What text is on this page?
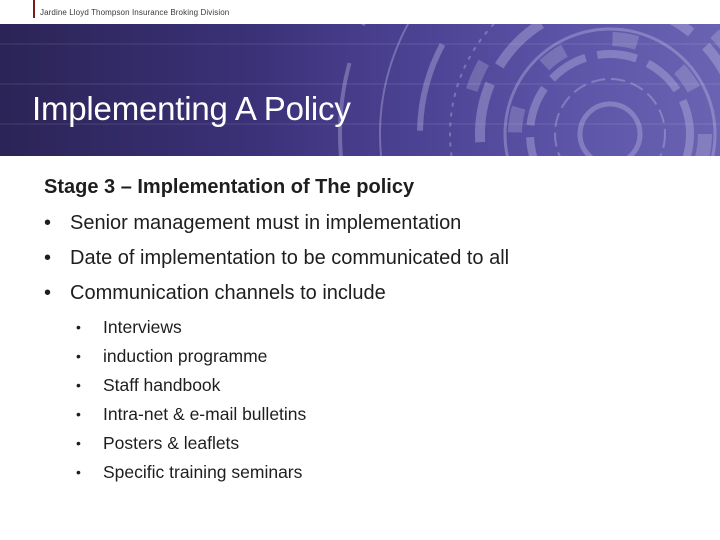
Jardine Lloyd Thompson Insurance Broking Division
Implementing A Policy
Stage 3 – Implementation of The policy
• Senior management must in implementation
• Date of implementation to be communicated to all
• Communication channels to include
• Interviews
• induction programme
• Staff handbook
• Intra-net & e-mail bulletins
• Posters & leaflets
• Specific training seminars
